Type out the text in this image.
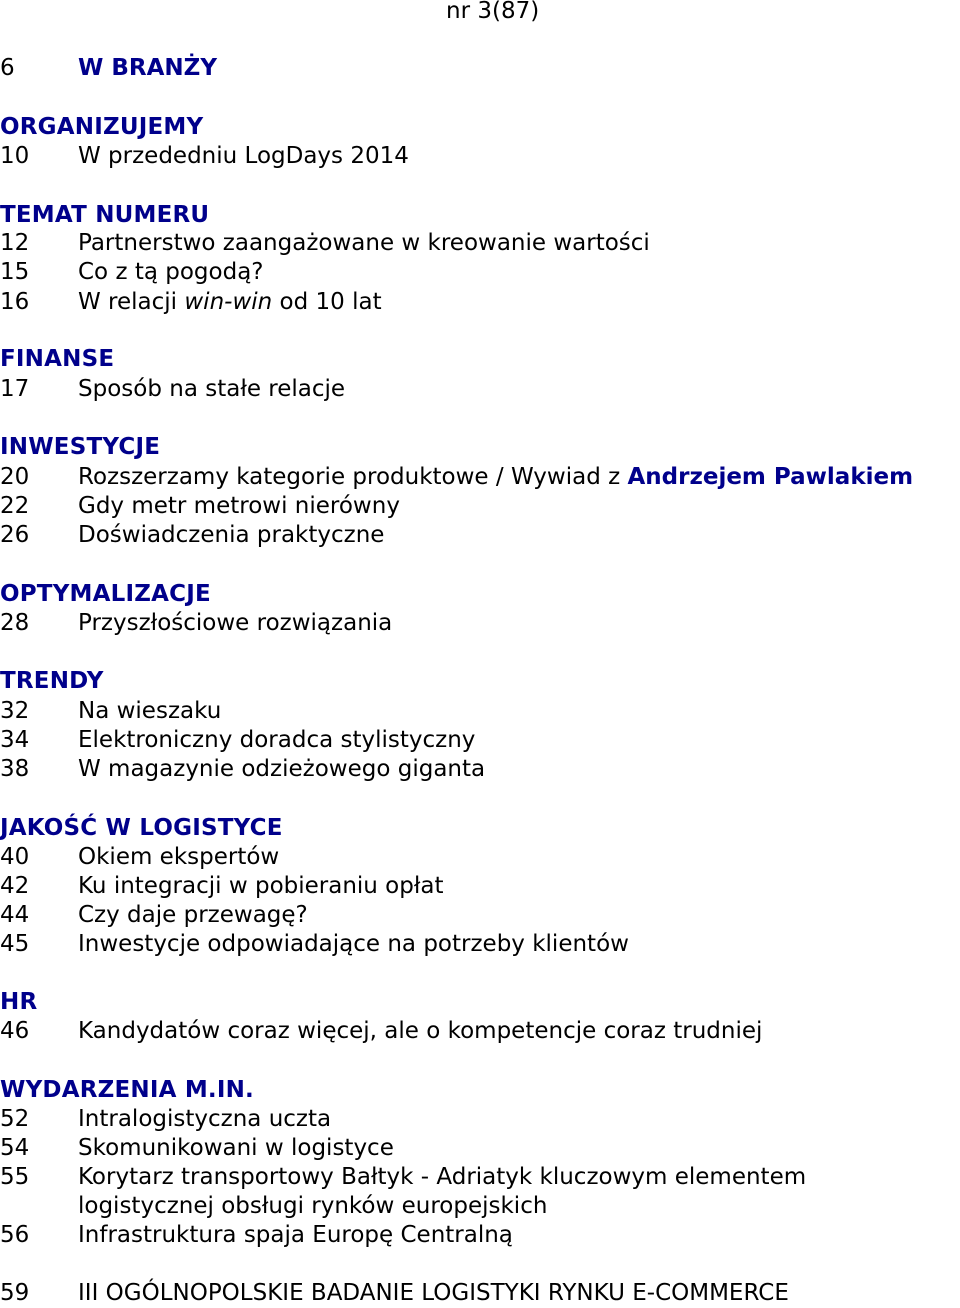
nr 3(87)
6	W BRANŻY
ORGANIZUJEMY
10	W przededniu LogDays 2014
TEMAT NUMERU
12	Partnerstwo zaangażowane w kreowanie wartości
15	Co z tą pogodą?
16	W relacji win-win od 10 lat
FINANSE
17	Sposób na stałe relacje
INWESTYCJE
20	Rozszerzamy kategorie produktowe / Wywiad z Andrzejem Pawlakiem
22	Gdy metr metrowi nierówny
26	Doświadczenia praktyczne
OPTYMALIZACJE
28	Przyszłościowe rozwiązania
TRENDY
32	Na wieszaku
34	Elektroniczny doradca stylistyczny
38	W magazynie odzieżowego giganta
JAKOŚĆ W LOGISTYCE
40	Okiem ekspertów
42	Ku integracji w pobieraniu opłat
44	Czy daje przewagę?
45	Inwestycje odpowiadające na potrzeby klientów
HR
46	Kandydatów coraz więcej, ale o kompetencje coraz trudniej
WYDARZENIA M.IN.
52	Intralogistyczna uczta
54	Skomunikowani w logistyce
55	Korytarz transportowy Bałtyk - Adriatyk kluczowym elementem logistycznej obsługi rynków europejskich
56	Infrastruktura spaja Europę Centralną
59	III OGÓLNOPOLSKIE BADANIE LOGISTYKI RYNKU E-COMMERCE
